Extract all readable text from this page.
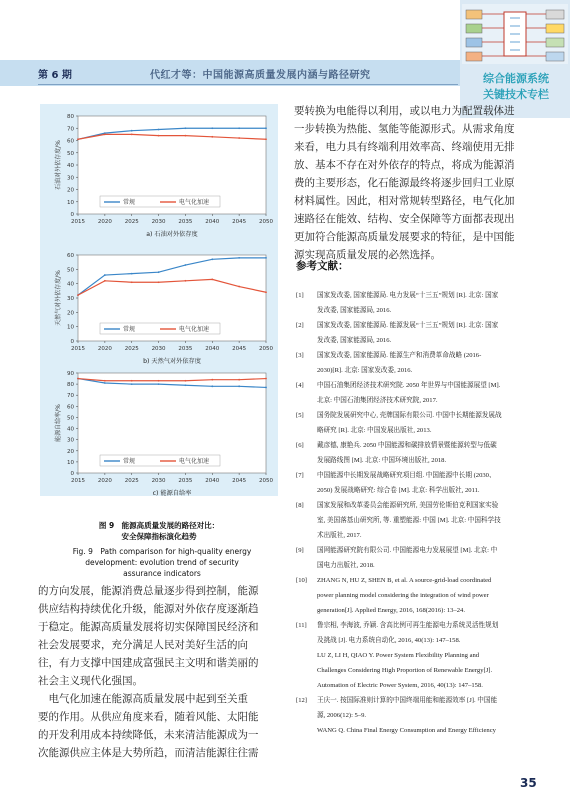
第 6 期	代红才等：中国能源高质量发展内涵与路径研究	综合能源系统
关键技术专栏
0
10
20
30
40
50
60
70
80
2015 2020 2025 2030 2035 2040 2045 2050
石油对外依存度/%
常规	电气化加速
a) 石油对外依存度
0
10
20
30
40
50
60
2015 2020 2025 2030 2035 2040 2045 2050
天然气对外依存度/%
常规	电气化加速
b) 天然气对外依存度
0
10
20
30
40
50
60
70
80
90
2015 2020 2025 2030 2035 2040 2045 2050
能源自给率/%
常规	电气化加速
c) 能源自给率
图 9　能源高质量发展的路径对比：
安全保障指标演化趋势
Fig. 9　Path comparison for high-quality energy
development: evolution trend of security
assurance indicators
要转换为电能得以利用，或以电力为配置载体进
一步转换为热能、氢能等能源形式。从需求角度
来看，电力具有终端利用效率高、终端使用无排
放、基本不存在对外依存的特点，将成为能源消
费的主要形态，化石能源最终将逐步回归工业原
材料属性。因此，相对常规转型路径，电气化加
速路径在能效、结构、安全保障等方面都表现出
更加符合能源高质量发展要求的特征，是中国能
源实现高质量发展的必然选择。
参考文献：
[1] 国家发改委, 国家能源局. 电力发展“十三五”规划 [R]. 北京: 国家
发改委, 国家能源局, 2016.
[2] 国家发改委, 国家能源局. 能源发展“十三五”规划 [R]. 北京: 国家
发改委, 国家能源局, 2016.
[3] 国家发改委, 国家能源局. 能源生产和消费革命战略 (2016-
2030)[R]. 北京: 国家发改委, 2016.
[4] 中国石油集团经济技术研究院. 2050 年世界与中国能源展望 [M].
北京: 中国石油集团经济技术研究院, 2017.
[5] 国务院发展研究中心, 壳牌国际有限公司. 中国中长期能源发展战
略研究 [R]. 北京: 中国发展出版社, 2013.
[6] 戴彦德, 康艳兵. 2050 中国能源和碳排放情景暨能源转型与低碳
发展路线图 [M]. 北京: 中国环境出版社, 2018.
[7] 中国能源中长期发展战略研究项目组. 中国能源中长期 (2030、
2050) 发展战略研究: 综合卷 [M]. 北京: 科学出版社, 2011.
[8] 国家发展和改革委员会能源研究所, 美国劳伦斯伯克利国家实验
室, 美国落基山研究所, 等. 重塑能源: 中国 [M]. 北京: 中国科学技
术出版社, 2017.
[9] 国网能源研究院有限公司. 中国能源电力发展展望 [M]. 北京: 中
国电力出版社, 2018.
[10] ZHANG N, HU Z, SHEN B, et al. A source-grid-load coordinated
power planning model considering the integration of wind power
generation[J]. Applied Energy, 2016, 168(2016): 13–24.
[11] 鲁宗相, 李海波, 乔颖. 含高比例可再生能源电力系统灵活性规划
及挑战 [J]. 电力系统自动化, 2016, 40(13): 147–158.
LU Z, LI H, QIAO Y. Power System Flexibility Planning and
Challenges Considering High Proportion of Renewable Energy[J].
Automation of Electric Power System, 2016, 40(13): 147–158.
[12] 王庆一. 按国际准则计算的中国终端用能和能源效率 [J]. 中国能
源, 2006(12): 5–9.
WANG Q. China Final Energy Consumption and Energy Efficiency
的方向发展，能源消费总量逐步得到控制，能源
供应结构持续优化升级，能源对外依存度逐渐趋
于稳定。能源高质量发展将切实保障国民经济和
社会发展要求，充分满足人民对美好生活的向
往，有力支撑中国建成富强民主文明和谐美丽的
社会主义现代化强国。
　电气化加速在能源高质量发展中起到至关重
要的作用。从供应角度来看，随着风能、太阳能
的开发利用成本持续降低，未来清洁能源成为一
次能源供应主体是大势所趋，而清洁能源往往需
35
